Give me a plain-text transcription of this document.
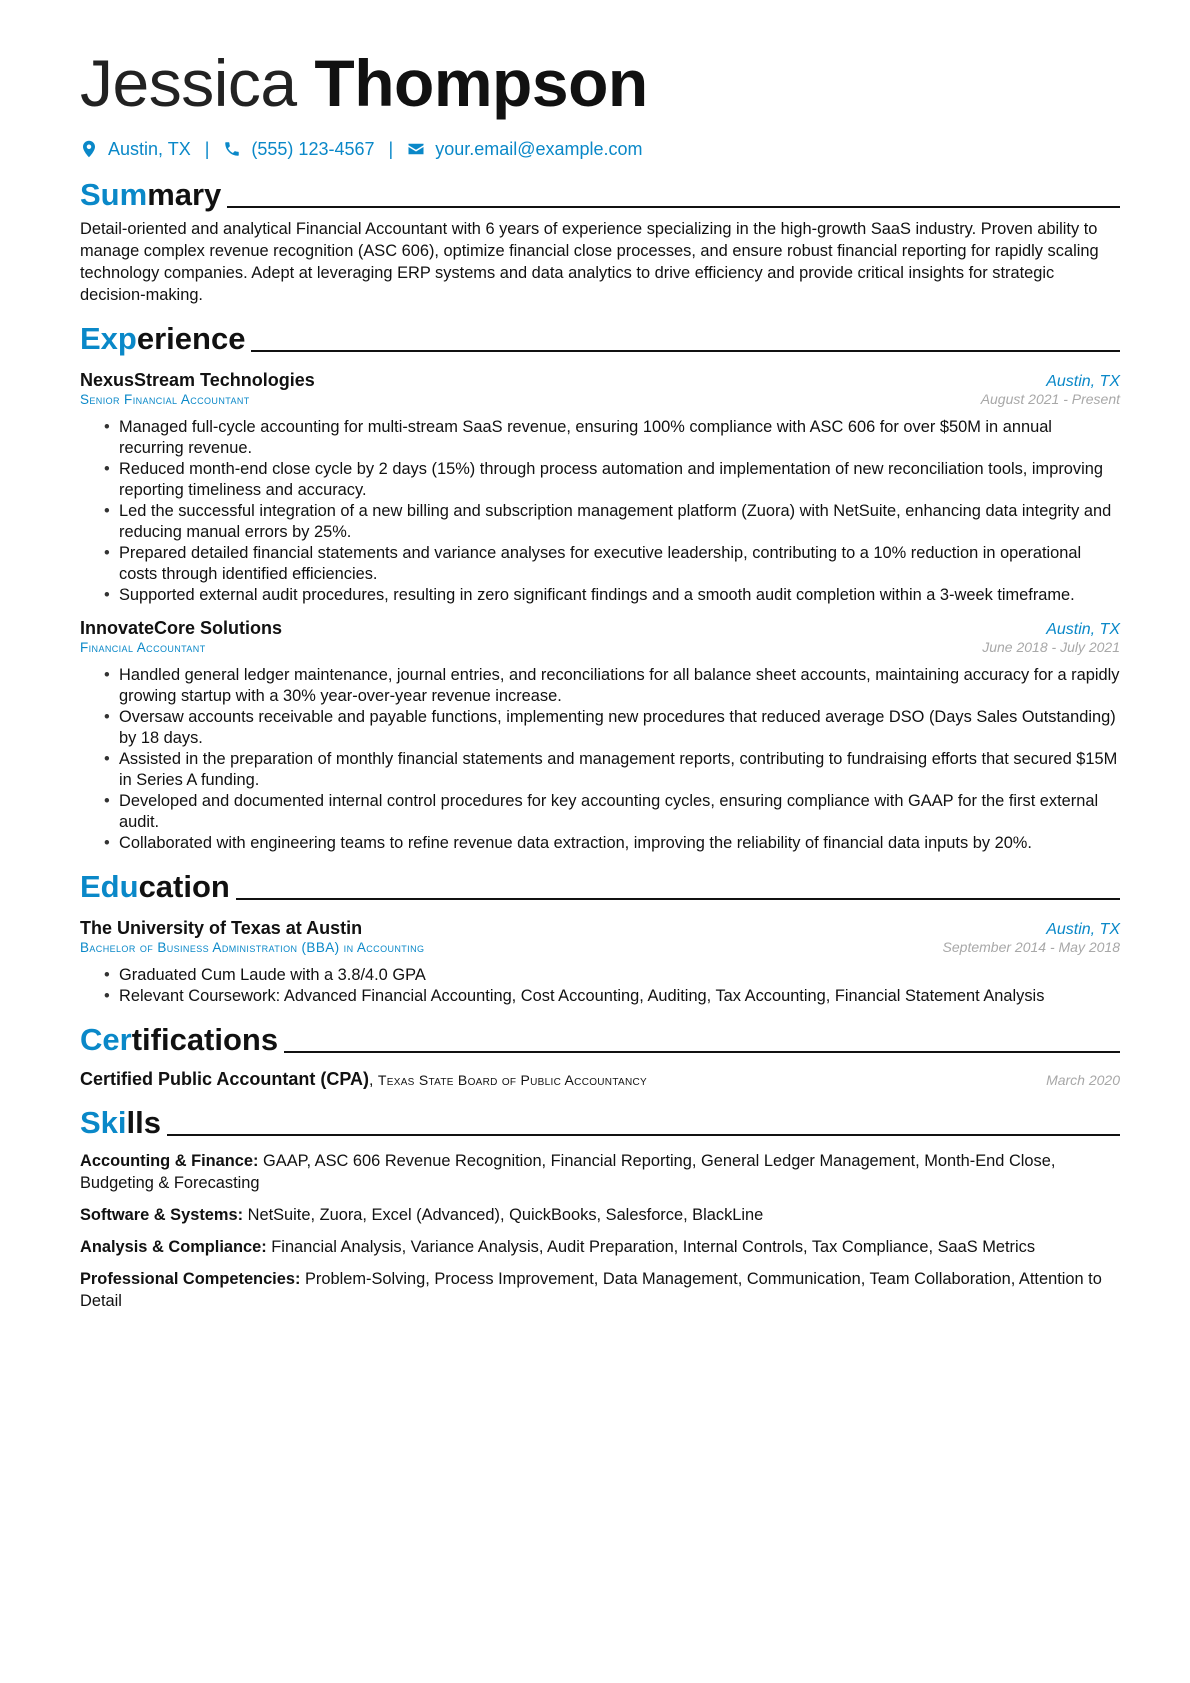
Jessica Thompson
Austin, TX | (555) 123-4567 | your.email@example.com
Summary
Detail-oriented and analytical Financial Accountant with 6 years of experience specializing in the high-growth SaaS industry. Proven ability to manage complex revenue recognition (ASC 606), optimize financial close processes, and ensure robust financial reporting for rapidly scaling technology companies. Adept at leveraging ERP systems and data analytics to drive efficiency and provide critical insights for strategic decision-making.
Experience
NexusStream Technologies	Austin, TX
Senior Financial Accountant	August 2021 - Present
• Managed full-cycle accounting for multi-stream SaaS revenue, ensuring 100% compliance with ASC 606 for over $50M in annual recurring revenue.
• Reduced month-end close cycle by 2 days (15%) through process automation and implementation of new reconciliation tools, improving reporting timeliness and accuracy.
• Led the successful integration of a new billing and subscription management platform (Zuora) with NetSuite, enhancing data integrity and reducing manual errors by 25%.
• Prepared detailed financial statements and variance analyses for executive leadership, contributing to a 10% reduction in operational costs through identified efficiencies.
• Supported external audit procedures, resulting in zero significant findings and a smooth audit completion within a 3-week timeframe.
InnovateCore Solutions	Austin, TX
Financial Accountant	June 2018 - July 2021
• Handled general ledger maintenance, journal entries, and reconciliations for all balance sheet accounts, maintaining accuracy for a rapidly growing startup with a 30% year-over-year revenue increase.
• Oversaw accounts receivable and payable functions, implementing new procedures that reduced average DSO (Days Sales Outstanding) by 18 days.
• Assisted in the preparation of monthly financial statements and management reports, contributing to fundraising efforts that secured $15M in Series A funding.
• Developed and documented internal control procedures for key accounting cycles, ensuring compliance with GAAP for the first external audit.
• Collaborated with engineering teams to refine revenue data extraction, improving the reliability of financial data inputs by 20%.
Education
The University of Texas at Austin	Austin, TX
Bachelor of Business Administration (BBA) in Accounting	September 2014 - May 2018
• Graduated Cum Laude with a 3.8/4.0 GPA
• Relevant Coursework: Advanced Financial Accounting, Cost Accounting, Auditing, Tax Accounting, Financial Statement Analysis
Certifications
Certified Public Accountant (CPA), Texas State Board of Public Accountancy	March 2020
Skills
Accounting & Finance: GAAP, ASC 606 Revenue Recognition, Financial Reporting, General Ledger Management, Month-End Close, Budgeting & Forecasting
Software & Systems: NetSuite, Zuora, Excel (Advanced), QuickBooks, Salesforce, BlackLine
Analysis & Compliance: Financial Analysis, Variance Analysis, Audit Preparation, Internal Controls, Tax Compliance, SaaS Metrics
Professional Competencies: Problem-Solving, Process Improvement, Data Management, Communication, Team Collaboration, Attention to Detail
